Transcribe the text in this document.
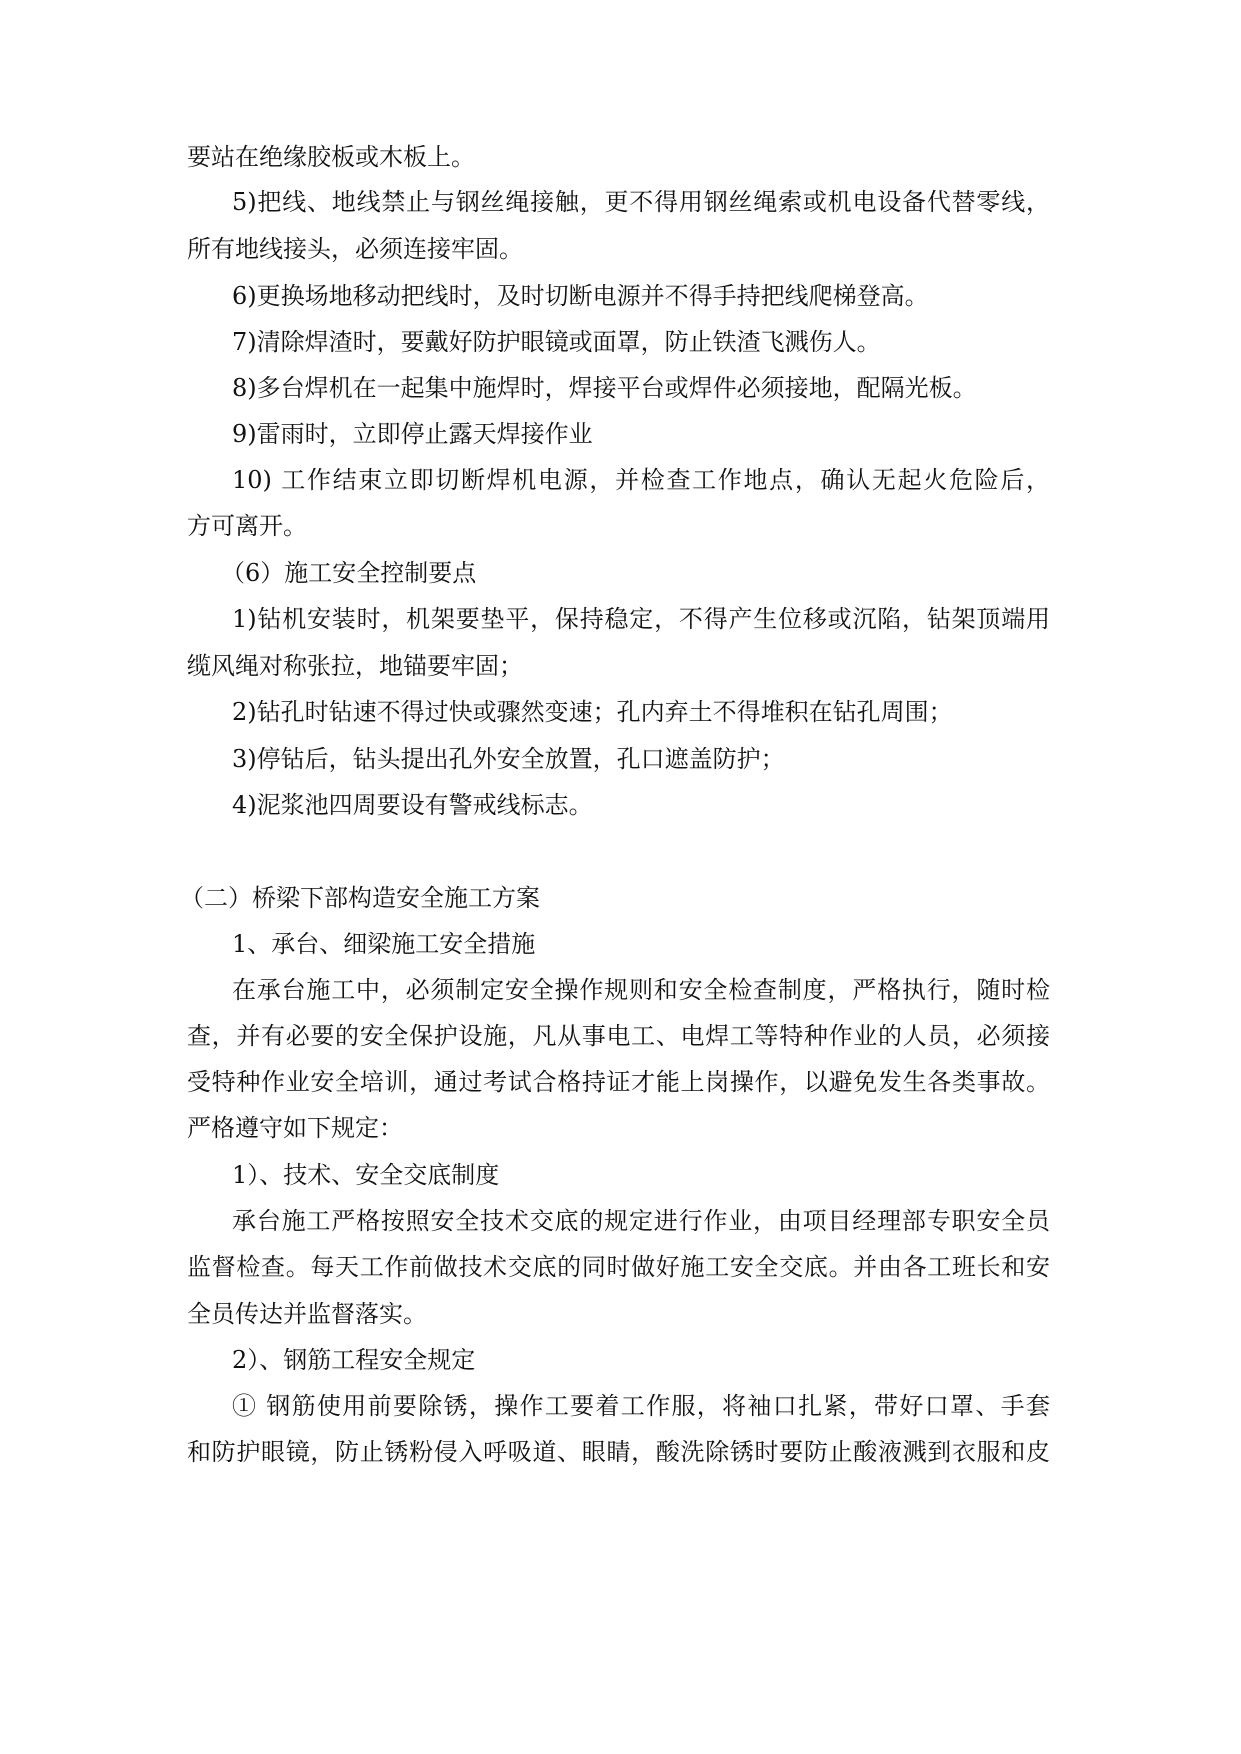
要站在绝缘胶板或木板上。

5)把线、地线禁止与钢丝绳接触，更不得用钢丝绳索或机电设备代替零线，

所有地线接头，必须连接牢固。

6)更换场地移动把线时，及时切断电源并不得手持把线爬梯登高。

7)清除焊渣时，要戴好防护眼镜或面罩，防止铁渣飞溅伤人。

8)多台焊机在一起集中施焊时，焊接平台或焊件必须接地，配隔光板。

9)雷雨时，立即停止露天焊接作业

10) 工作结束立即切断焊机电源，并检查工作地点，确认无起火危险后，

方可离开。

（6）施工安全控制要点

1)钻机安装时，机架要垫平，保持稳定，不得产生位移或沉陷，钻架顶端用

缆风绳对称张拉，地锚要牢固；

2)钻孔时钻速不得过快或骤然变速；孔内弃土不得堆积在钻孔周围；

3)停钻后，钻头提出孔外安全放置，孔口遮盖防护；

4)泥浆池四周要设有警戒线标志。

（二）桥梁下部构造安全施工方案

1、承台、细梁施工安全措施

在承台施工中，必须制定安全操作规则和安全检查制度，严格执行，随时检

查，并有必要的安全保护设施，凡从事电工、电焊工等特种作业的人员，必须接

受特种作业安全培训，通过考试合格持证才能上岗操作，以避免发生各类事故。

严格遵守如下规定：

1）、技术、安全交底制度

承台施工严格按照安全技术交底的规定进行作业，由项目经理部专职安全员

监督检查。每天工作前做技术交底的同时做好施工安全交底。并由各工班长和安

全员传达并监督落实。

2）、钢筋工程安全规定

① 钢筋使用前要除锈，操作工要着工作服，将袖口扎紧，带好口罩、手套

和防护眼镜，防止锈粉侵入呼吸道、眼睛，酸洗除锈时要防止酸液溅到衣服和皮
